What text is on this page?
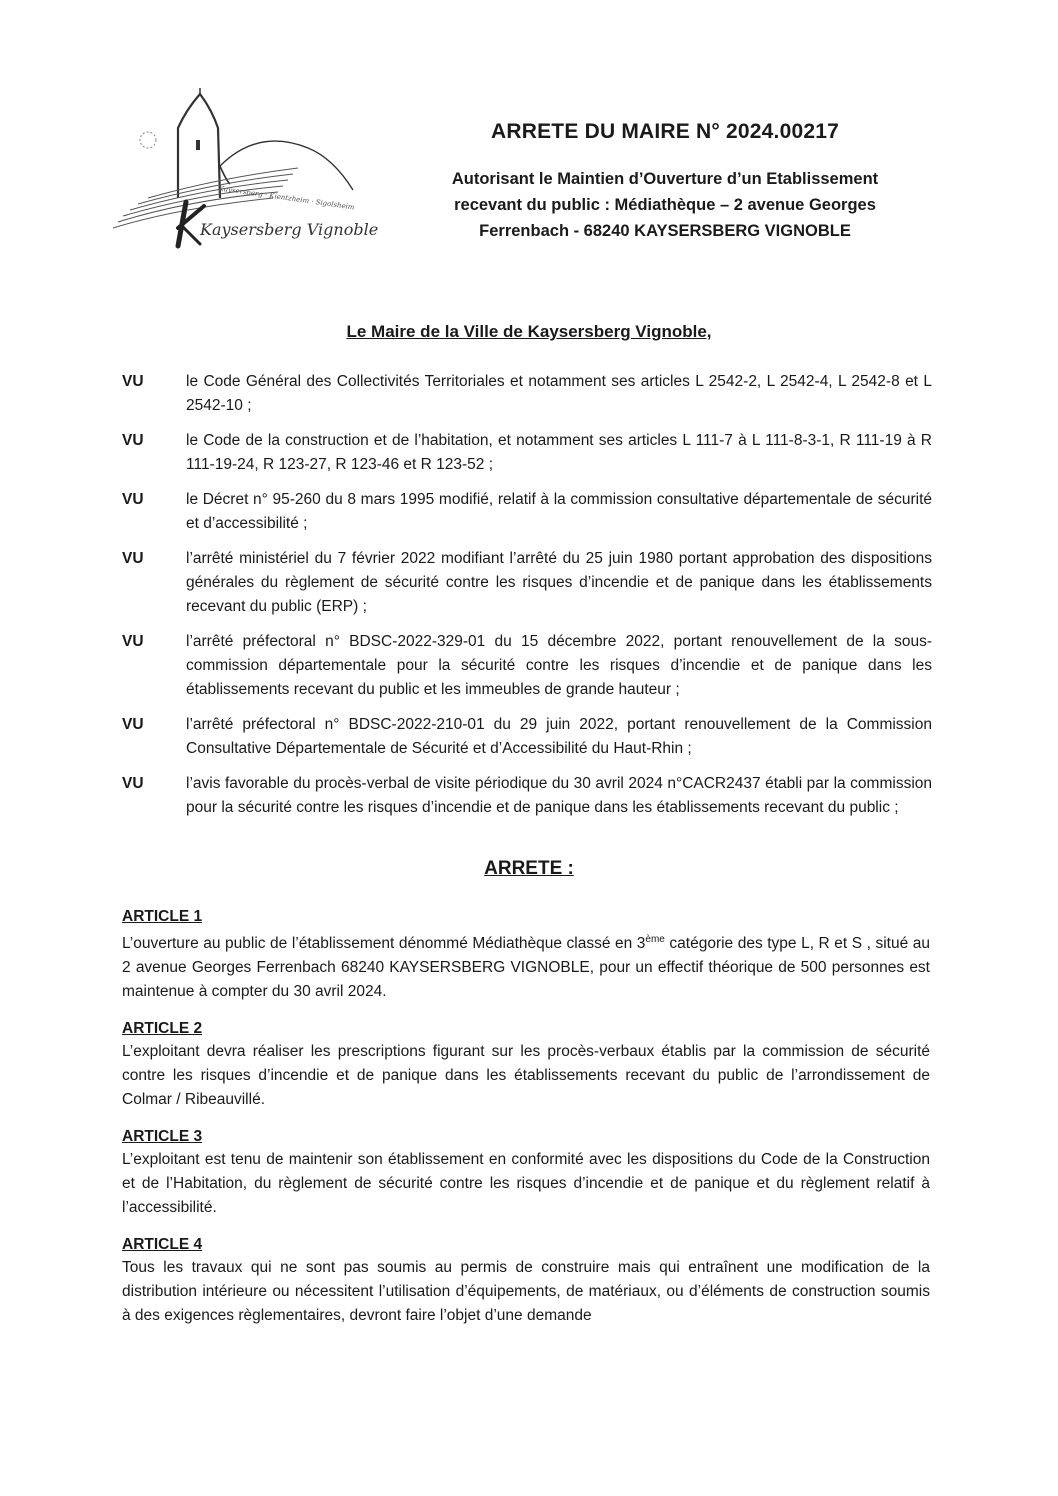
Kaysersberg · Kientzheim · Sigolsheim
Kaysersberg Vignoble
ARRETE DU MAIRE N° 2024.00217
Autorisant le Maintien d’Ouverture d’un Etablissement
recevant du public : Médiathèque – 2 avenue Georges
Ferrenbach - 68240 KAYSERSBERG VIGNOBLE
Le Maire de la Ville de Kaysersberg Vignoble,
VU	le Code Général des Collectivités Territoriales et notamment ses articles L 2542-2, L 2542-4, L 2542-8 et L 2542-10 ;
VU	le Code de la construction et de l’habitation, et notamment ses articles L 111-7 à L 111-8-3-1, R 111-19 à R 111-19-24, R 123-27, R 123-46 et R 123-52 ;
VU	le Décret n° 95-260 du 8 mars 1995 modifié, relatif à la commission consultative départementale de sécurité et d’accessibilité ;
VU	l’arrêté ministériel du 7 février 2022 modifiant l’arrêté du 25 juin 1980 portant approbation des dispositions générales du règlement de sécurité contre les risques d’incendie et de panique dans les établissements recevant du public (ERP) ;
VU	l’arrêté préfectoral n° BDSC-2022-329-01 du 15 décembre 2022, portant renouvellement de la sous-commission départementale pour la sécurité contre les risques d’incendie et de panique dans les établissements recevant du public et les immeubles de grande hauteur ;
VU	l’arrêté préfectoral n° BDSC-2022-210-01 du 29 juin 2022, portant renouvellement de la Commission Consultative Départementale de Sécurité et d’Accessibilité du Haut-Rhin ;
VU	l’avis favorable du procès-verbal de visite périodique du 30 avril 2024 n°CACR2437 établi par la commission pour la sécurité contre les risques d’incendie et de panique dans les établissements recevant du public ;
ARRETE :
ARTICLE 1
L’ouverture au public de l’établissement dénommé Médiathèque classé en 3ème catégorie des type L, R et S , situé au 2 avenue Georges Ferrenbach 68240 KAYSERSBERG VIGNOBLE, pour un effectif théorique de 500 personnes est maintenue à compter du 30 avril 2024.
ARTICLE 2
L’exploitant devra réaliser les prescriptions figurant sur les procès-verbaux établis par la commission de sécurité contre les risques d’incendie et de panique dans les établissements recevant du public de l’arrondissement de Colmar / Ribeauvillé.
ARTICLE 3
L’exploitant est tenu de maintenir son établissement en conformité avec les dispositions du Code de la Construction et de l’Habitation, du règlement de sécurité contre les risques d’incendie et de panique et du règlement relatif à l’accessibilité.
ARTICLE 4
Tous les travaux qui ne sont pas soumis au permis de construire mais qui entraînent une modification de la distribution intérieure ou nécessitent l’utilisation d’équipements, de matériaux, ou d’éléments de construction soumis à des exigences règlementaires, devront faire l’objet d’une demande
